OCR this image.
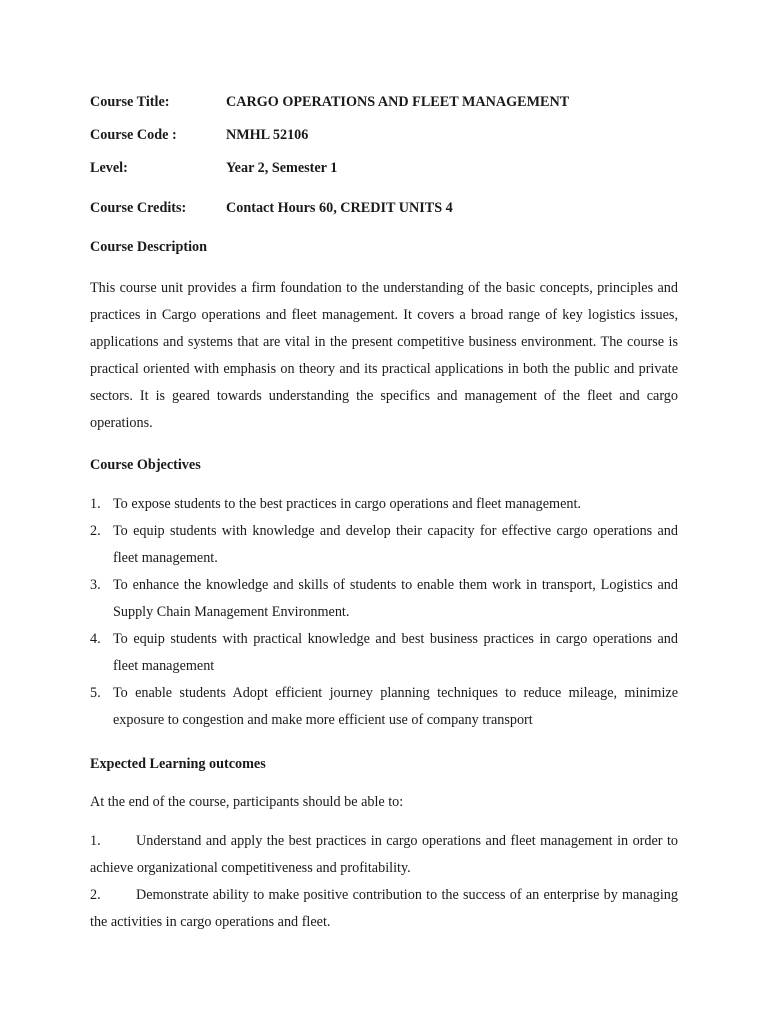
Course Title:	CARGO OPERATIONS AND FLEET MANAGEMENT
Course Code :	NMHL 52106
Level:	Year 2, Semester 1
Course Credits:	Contact Hours 60, CREDIT UNITS 4
Course Description

This course unit provides a firm foundation to the understanding of the basic concepts, principles and practices in Cargo operations and fleet management. It covers a broad range of key logistics issues, applications and systems that are vital in the present competitive business environment. The course is practical oriented with emphasis on theory and its practical applications in both the public and private sectors. It is geared towards understanding the specifics and management of the fleet and cargo operations.

Course Objectives
1. To expose students to the best practices in cargo operations and fleet management.
2. To equip students with knowledge and develop their capacity for effective cargo operations and fleet management.
3. To enhance the knowledge and skills of students to enable them work in transport, Logistics and Supply Chain Management Environment.
4. To equip students with practical knowledge and best business practices in cargo operations and fleet management
5. To enable students Adopt efficient journey planning techniques to reduce mileage, minimize exposure to congestion and make more efficient use of company transport
Expected Learning outcomes

At the end of the course, participants should be able to:

1. Understand and apply the best practices in cargo operations and fleet management in order to achieve organizational competitiveness and profitability.

2. Demonstrate ability to make positive contribution to the success of an enterprise by managing the activities in cargo operations and fleet.
